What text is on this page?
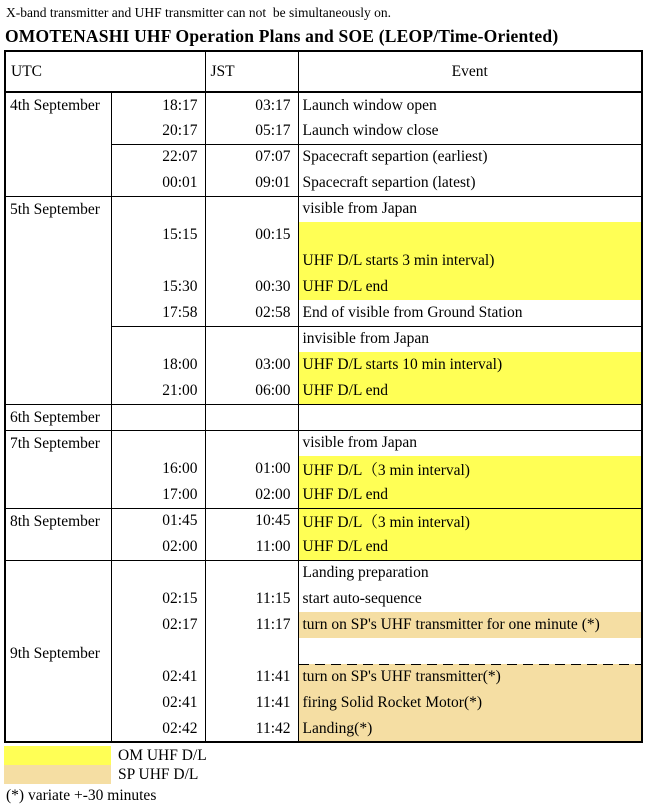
X-band transmitter and UHF transmitter can not  be simultaneously on.
OMOTENASHI UHF Operation Plans and SOE (LEOP/Time-Oriented)
UTC		JST	Event

4th September	18:17	03:17	Launch window open
	20:17	05:17	Launch window close
	22:07	07:07	Spacecraft separtion (earliest)
	00:01	09:01	Spacecraft separtion (latest)

5th September			visible from Japan
	15:15	00:15	
			UHF D/L starts 3 min interval)
	15:30	00:30	UHF D/L end
	17:58	02:58	End of visible from Ground Station
			invisible from Japan
	18:00	03:00	UHF D/L starts 10 min interval)
	21:00	06:00	UHF D/L end

6th September			

7th September			visible from Japan
	16:00	01:00	UHF D/L（3 min interval)
	17:00	02:00	UHF D/L end

8th September	01:45	10:45	UHF D/L（3 min interval)
	02:00	11:00	UHF D/L end

9th September			Landing preparation
	02:15	11:15	start auto-sequence
	02:17	11:17	turn on SP's UHF transmitter for one minute (*)

	02:41	11:41	turn on SP's UHF transmitter(*)
	02:41	11:41	firing Solid Rocket Motor(*)
	02:42	11:42	Landing(*)
OM UHF D/L
SP UHF D/L
(*) variate +-30 minutes
